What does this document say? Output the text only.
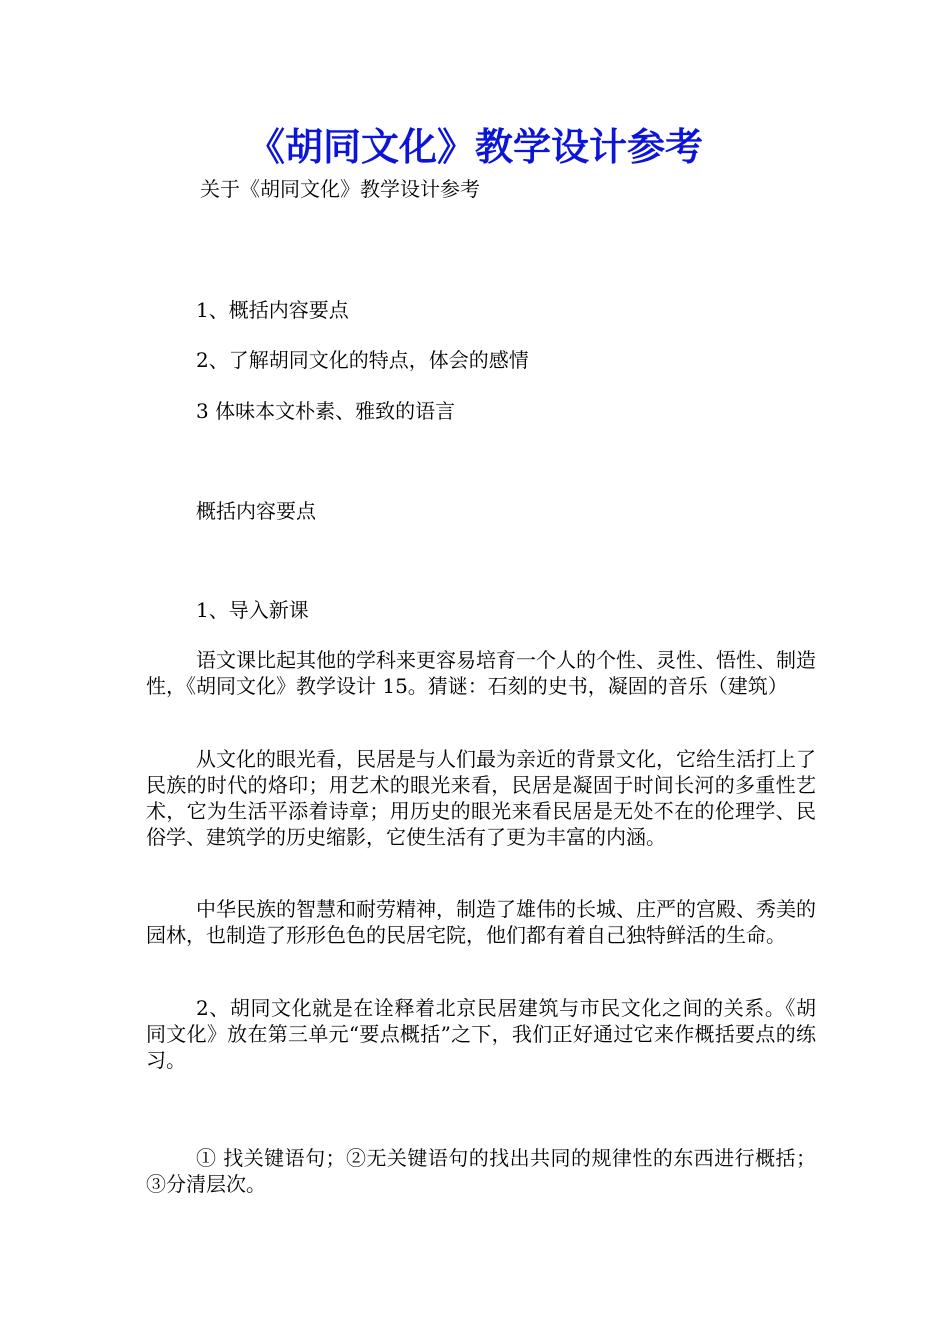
《胡同文化》教学设计参考
关于《胡同文化》教学设计参考
1、概括内容要点
2、了解胡同文化的特点，体会的感情
3 体味本文朴素、雅致的语言
概括内容要点
1、导入新课
语文课比起其他的学科来更容易培育一个人的个性、灵性、悟性、制造性，《胡同文化》教学设计 15。猜谜：石刻的史书，凝固的音乐（建筑）
从文化的眼光看，民居是与人们最为亲近的背景文化，它给生活打上了民族的时代的烙印；用艺术的眼光来看，民居是凝固于时间长河的多重性艺术，它为生活平添着诗章；用历史的眼光来看民居是无处不在的伦理学、民俗学、建筑学的历史缩影，它使生活有了更为丰富的内涵。
中华民族的智慧和耐劳精神，制造了雄伟的长城、庄严的宫殿、秀美的园林，也制造了形形色色的民居宅院，他们都有着自己独特鲜活的生命。
2、胡同文化就是在诠释着北京民居建筑与市民文化之间的关系。《胡同文化》放在第三单元“要点概括”之下，我们正好通过它来作概括要点的练习。
① 找关键语句；②无关键语句的找出共同的规律性的东西进行概括；③分清层次。
